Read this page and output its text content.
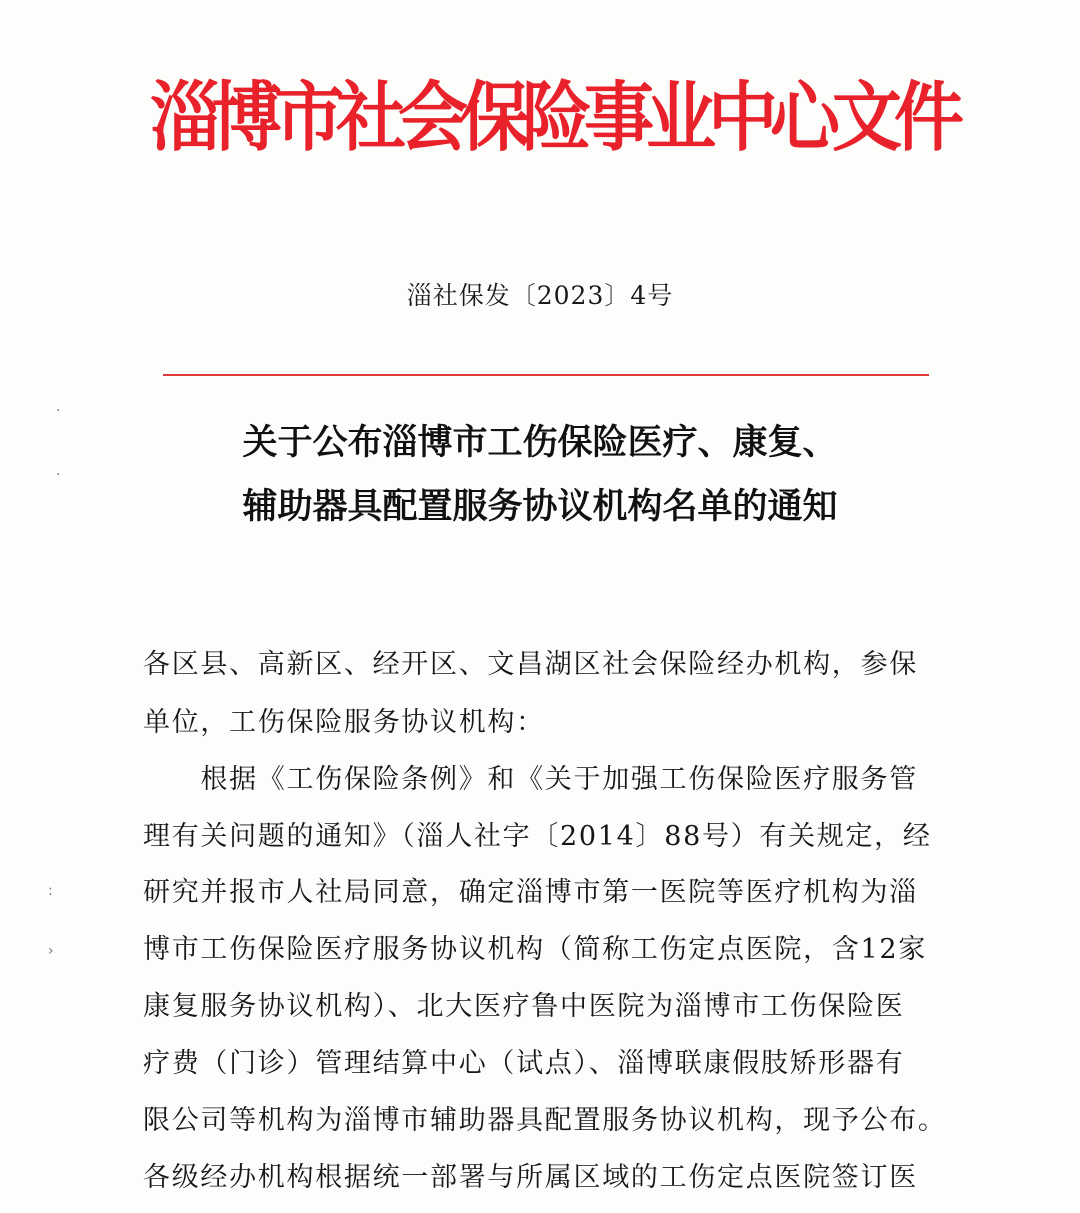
淄博市社会保险事业中心文件
淄社保发〔2023〕4号
关于公布淄博市工伤保险医疗、康复、
辅助器具配置服务协议机构名单的通知
各区县、高新区、经开区、文昌湖区社会保险经办机构，参保
单位，工伤保险服务协议机构：
　　根据《工伤保险条例》和《关于加强工伤保险医疗服务管
理有关问题的通知》（淄人社字〔2014〕88号）有关规定，经
研究并报市人社局同意，确定淄博市第一医院等医疗机构为淄
博市工伤保险医疗服务协议机构（简称工伤定点医院，含12家
康复服务协议机构）、北大医疗鲁中医院为淄博市工伤保险医
疗费（门诊）管理结算中心（试点）、淄博联康假肢矫形器有
限公司等机构为淄博市辅助器具配置服务协议机构，现予公布。
各级经办机构根据统一部署与所属区域的工伤定点医院签订医
·
·
:
›
